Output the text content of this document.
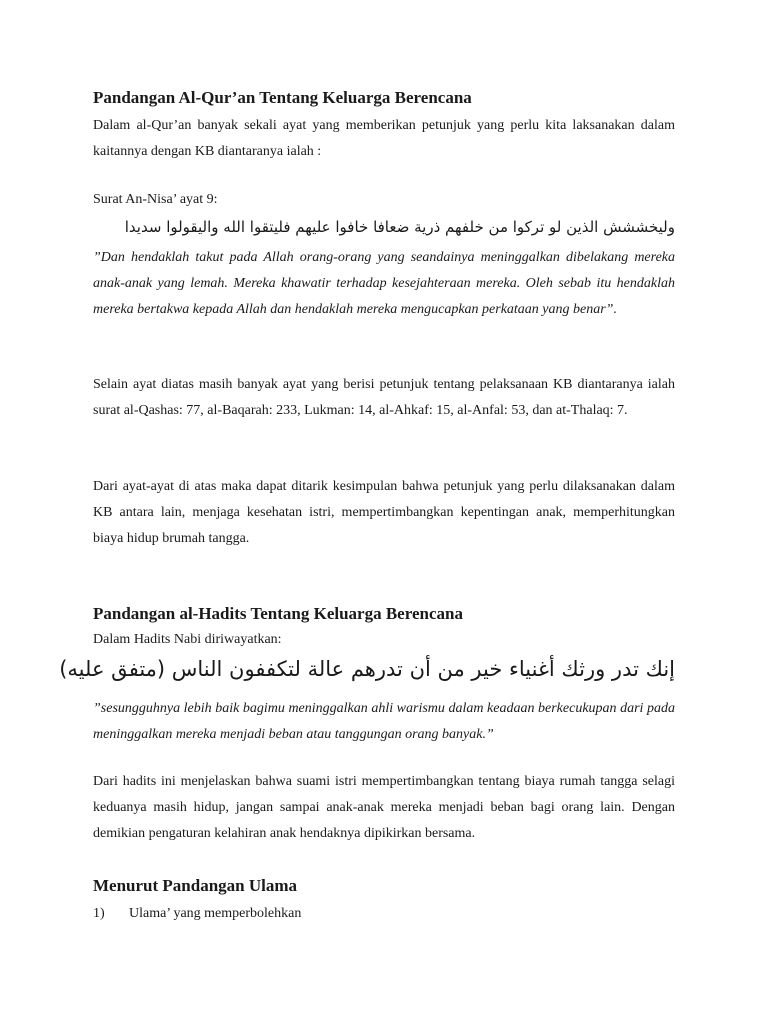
Pandangan Al-Qur’an Tentang Keluarga Berencana

Dalam al-Qur’an banyak sekali ayat yang memberikan petunjuk yang perlu kita laksanakan dalam kaitannya dengan KB diantaranya ialah :

Surat An-Nisa’ ayat 9:

وليخششش الذين لو تركوا من خلفهم ذرية ضعافا خافوا عليهم فليتقوا الله واليقولوا سديدا

”Dan hendaklah takut pada Allah orang-orang yang seandainya meninggalkan dibelakang mereka anak-anak yang lemah. Mereka khawatir terhadap kesejahteraan mereka. Oleh sebab itu hendaklah mereka bertakwa kepada Allah dan hendaklah mereka mengucapkan perkataan yang benar”.

Selain ayat diatas masih banyak ayat yang berisi petunjuk tentang pelaksanaan KB diantaranya ialah surat al-Qashas: 77, al-Baqarah: 233, Lukman: 14, al-Ahkaf: 15, al-Anfal: 53, dan at-Thalaq: 7.

Dari ayat-ayat di atas maka dapat ditarik kesimpulan bahwa petunjuk yang perlu dilaksanakan dalam KB antara lain, menjaga kesehatan istri, mempertimbangkan kepentingan anak, memperhitungkan biaya hidup brumah tangga.

Pandangan al-Hadits Tentang Keluarga Berencana

Dalam Hadits Nabi diriwayatkan:

إنك تدر ورثك أغنياء خير من أن تدرهم عالة لتكففون الناس (متفق عليه)

”sesungguhnya lebih baik bagimu meninggalkan ahli warismu dalam keadaan berkecukupan dari pada meninggalkan mereka menjadi beban atau tanggungan orang banyak.”

Dari hadits ini menjelaskan bahwa suami istri mempertimbangkan tentang biaya rumah tangga selagi keduanya masih hidup, jangan sampai anak-anak mereka menjadi beban bagi orang lain. Dengan demikian pengaturan kelahiran anak hendaknya dipikirkan bersama.

Menurut Pandangan Ulama

1) Ulama’ yang memperbolehkan
